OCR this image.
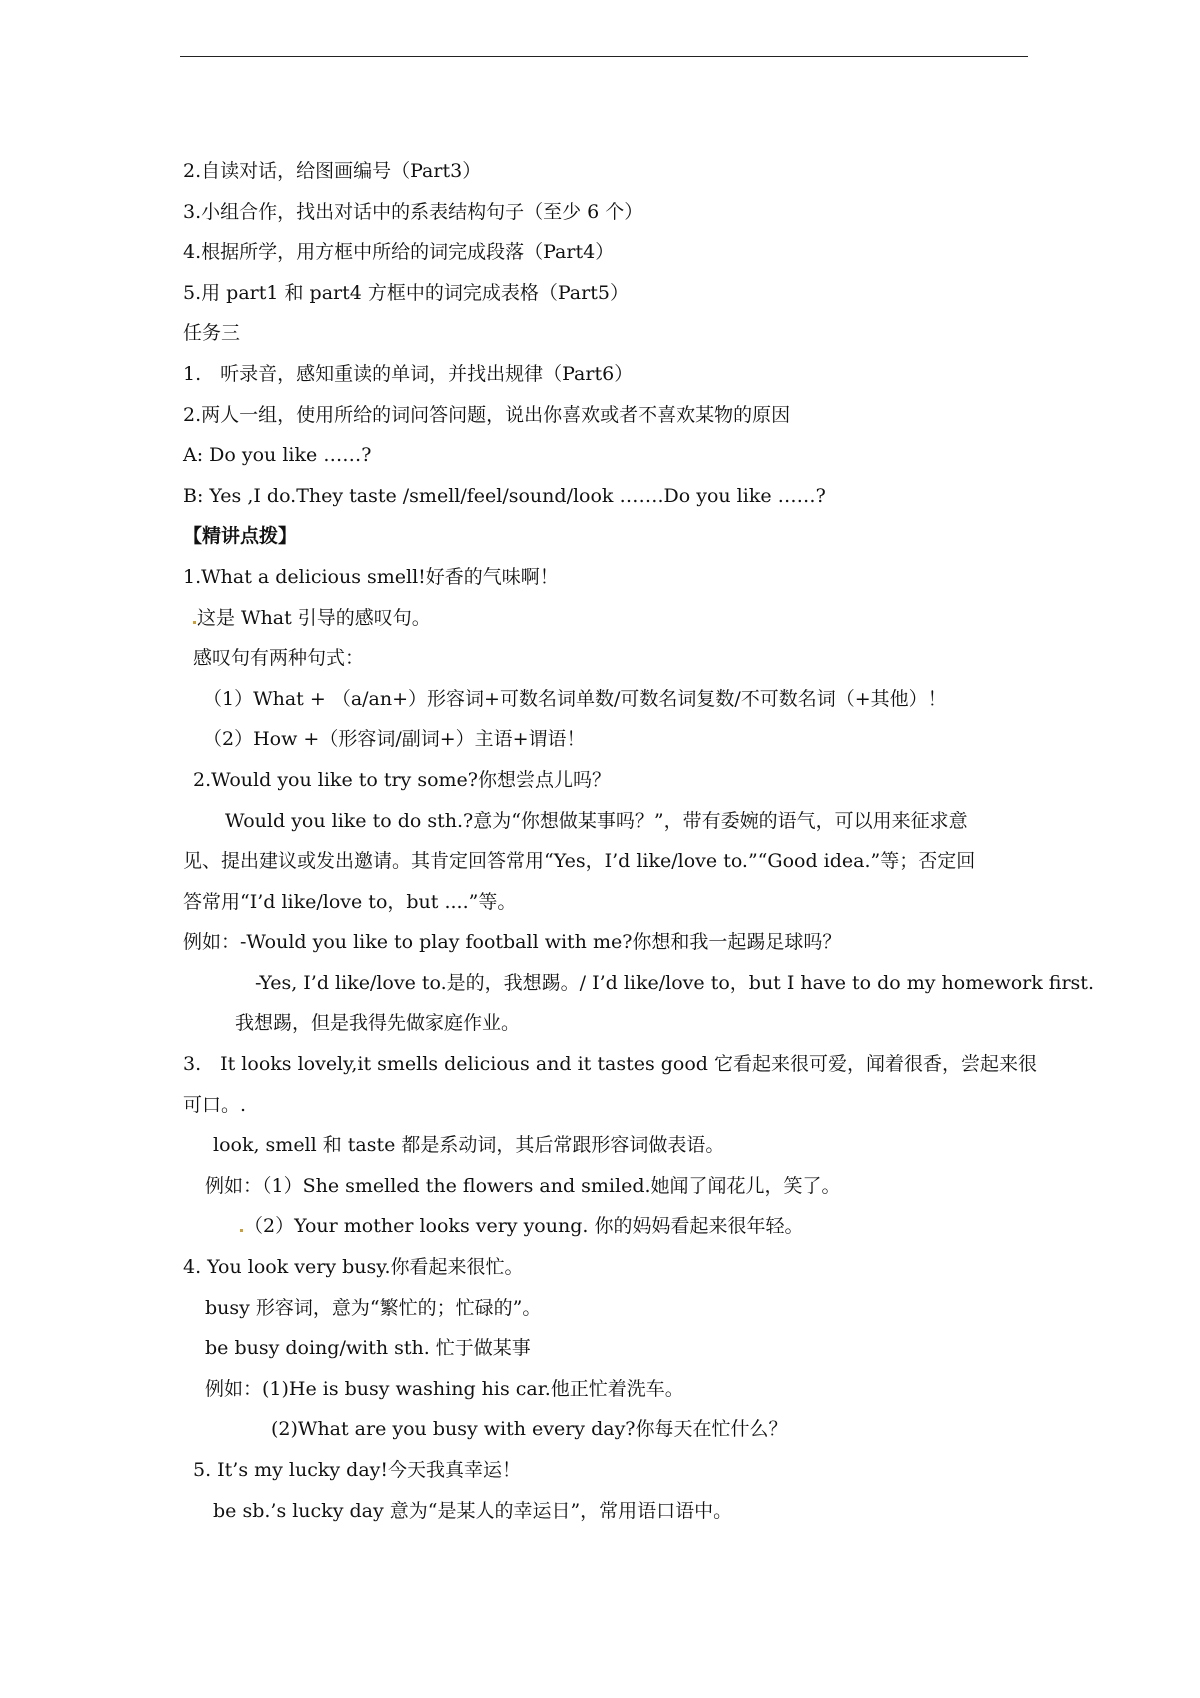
2.自读对话，给图画编号（Part3）
3.小组合作，找出对话中的系表结构句子（至少 6 个）
4.根据所学，用方框中所给的词完成段落（Part4）
5.用 part1 和 part4 方框中的词完成表格（Part5）
任务三
1.　听录音，感知重读的单词，并找出规律（Part6）
2.两人一组，使用所给的词问答问题，说出你喜欢或者不喜欢某物的原因
A: Do you like ……?
B: Yes ,I do.They taste /smell/feel/sound/look …….Do you like ……?
【精讲点拨】
1.What a delicious smell!好香的气味啊！
这是 What 引导的感叹句。
感叹句有两种句式：
（1）What + （a/an+）形容词+可数名词单数/可数名词复数/不可数名词（+其他）！
（2）How +（形容词/副词+）主语+谓语！
2.Would you like to try some?你想尝点儿吗？
Would you like to do sth.?意为“你想做某事吗？”，带有委婉的语气，可以用来征求意
见、提出建议或发出邀请。其肯定回答常用“Yes，I’d like/love to.”“Good idea.”等；否定回
答常用“I’d like/love to，but ....”等。
例如：-Would you like to play football with me?你想和我一起踢足球吗？
-Yes, I’d like/love to.是的，我想踢。/ I’d like/love to，but I have to do my homework first.
我想踢，但是我得先做家庭作业。
3.　It looks lovely,it smells delicious and it tastes good 它看起来很可爱，闻着很香，尝起来很
可口。.
look, smell 和 taste 都是系动词，其后常跟形容词做表语。
例如：（1）She smelled the flowers and smiled.她闻了闻花儿，笑了。
（2）Your mother looks very young. 你的妈妈看起来很年轻。
4. You look very busy.你看起来很忙。
busy 形容词，意为“繁忙的；忙碌的”。
be busy doing/with sth. 忙于做某事
例如：(1)He is busy washing his car.他正忙着洗车。
(2)What are you busy with every day?你每天在忙什么？
5. It’s my lucky day!今天我真幸运！
be sb.’s lucky day 意为“是某人的幸运日”，常用语口语中。
